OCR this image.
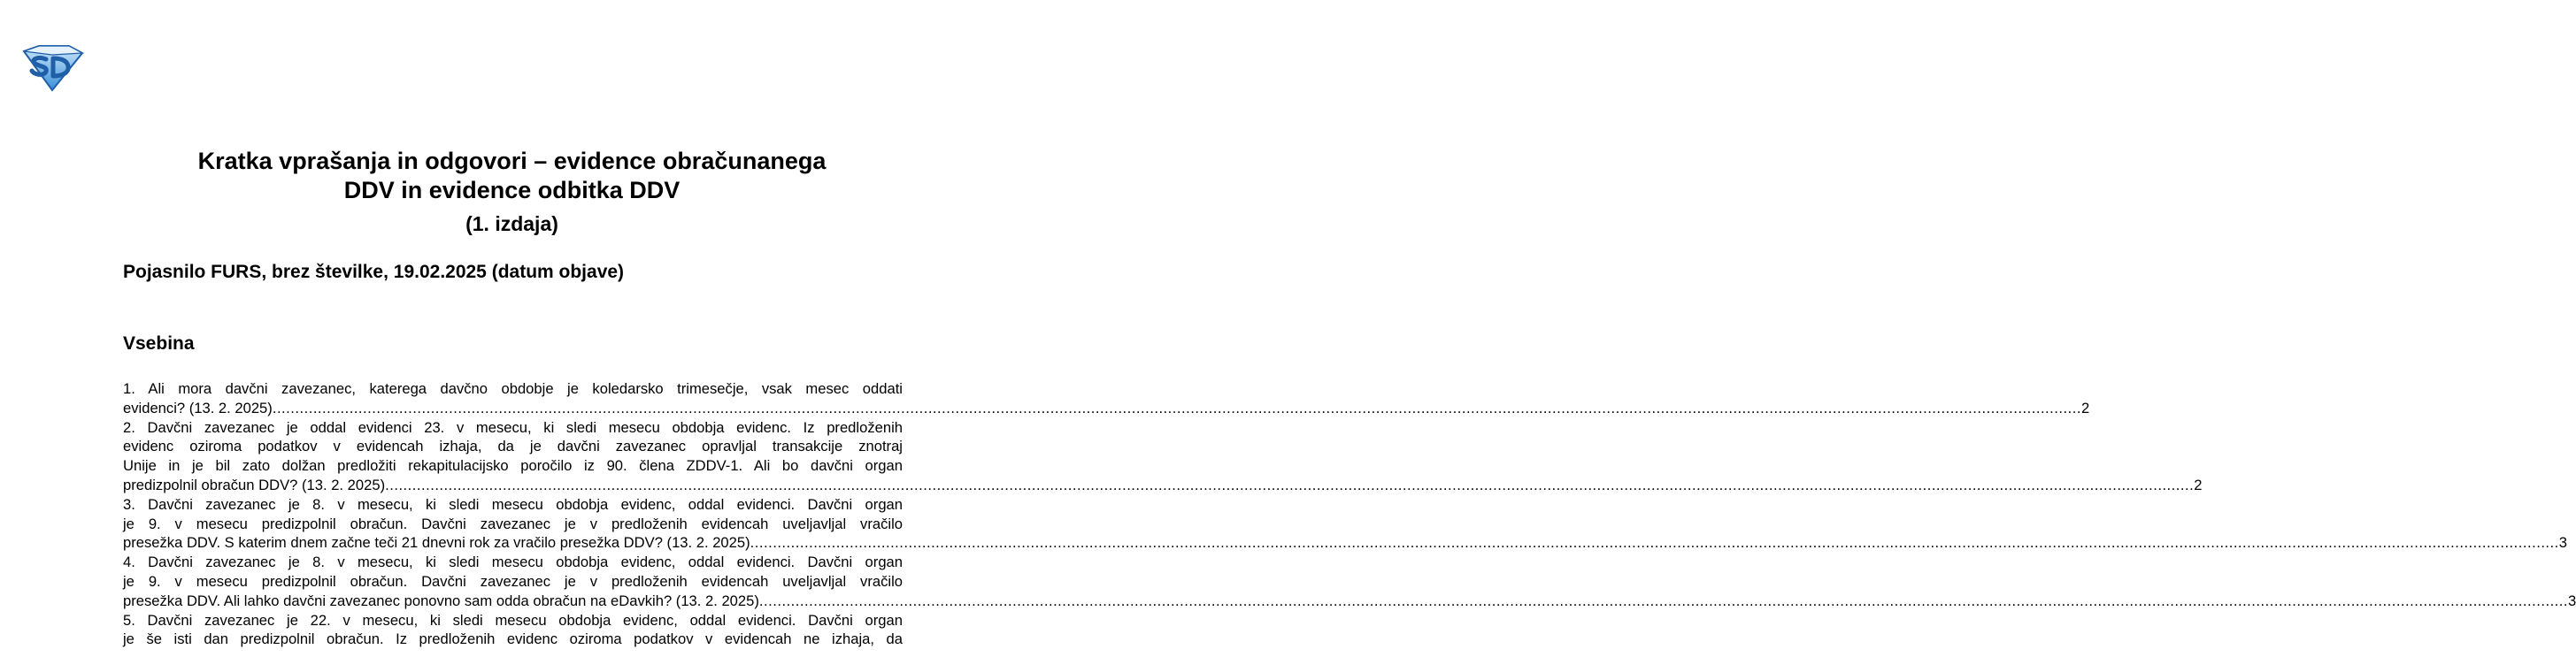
Kratka vprašanja in odgovori – evidence obračunanega
DDV in evidence odbitka DDV
(1. izdaja)
Pojasnilo FURS, brez številke, 19.02.2025 (datum objave)
Vsebina
1. Ali mora davčni zavezanec, katerega davčno obdobje je koledarsko trimesečje, vsak mesec oddati
evidenci? (13. 2. 2025) ................................................................................................................................................................................................................................................................................................................................................................................................................ 2
2. Davčni zavezanec je oddal evidenci 23. v mesecu, ki sledi mesecu obdobja evidenc. Iz predloženih
evidenc oziroma podatkov v evidencah izhaja, da je davčni zavezanec opravljal transakcije znotraj
Unije in je bil zato dolžan predložiti rekapitulacijsko poročilo iz 90. člena ZDDV-1. Ali bo davčni organ
predizpolnil obračun DDV? (13. 2. 2025) ................................................................................................................................................................................................................................................................................................................................................................................................................ 2
3. Davčni zavezanec je 8. v mesecu, ki sledi mesecu obdobja evidenc, oddal evidenci. Davčni organ
je 9. v mesecu predizpolnil obračun. Davčni zavezanec je v predloženih evidencah uveljavljal vračilo
presežka DDV. S katerim dnem začne teči 21 dnevni rok za vračilo presežka DDV? (13. 2. 2025) ................................................................................................................................................................................................................................................................................................................................................................................................................ 3
4. Davčni zavezanec je 8. v mesecu, ki sledi mesecu obdobja evidenc, oddal evidenci. Davčni organ
je 9. v mesecu predizpolnil obračun. Davčni zavezanec je v predloženih evidencah uveljavljal vračilo
presežka DDV. Ali lahko davčni zavezanec ponovno sam odda obračun na eDavkih? (13. 2. 2025) ................................................................................................................................................................................................................................................................................................................................................................................................................ 3
5. Davčni zavezanec je 22. v mesecu, ki sledi mesecu obdobja evidenc, oddal evidenci. Davčni organ
je še isti dan predizpolnil obračun. Iz predloženih evidenc oziroma podatkov v evidencah ne izhaja, da
